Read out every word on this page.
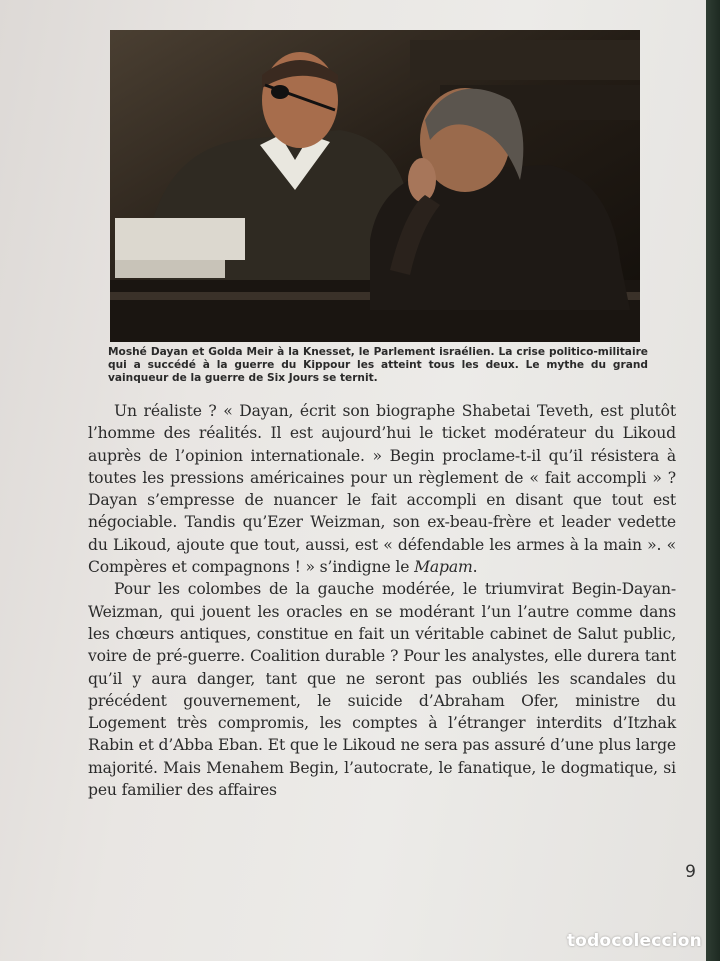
Moshé Dayan et Golda Meir à la Knesset, le Parlement israélien. La crise politico-militaire qui a succédé à la guerre du Kippour les atteint tous les deux. Le mythe du grand vainqueur de la guerre de Six Jours se ternit.

Un réaliste ? « Dayan, écrit son biographe Shabetai Teveth, est plutôt l’homme des réalités. Il est aujourd’hui le ticket modérateur du Likoud auprès de l’opinion internationale. » Begin proclame-t-il qu’il résistera à toutes les pressions américaines pour un règlement de « fait accompli » ? Dayan s’empresse de nuancer le fait accompli en disant que tout est négociable. Tandis qu’Ezer Weizman, son ex-beau-frère et leader vedette du Likoud, ajoute que tout, aussi, est « défendable les armes à la main ». « Compères et compagnons ! » s’indigne le Mapam.

Pour les colombes de la gauche modérée, le triumvirat Begin-Dayan-Weizman, qui jouent les oracles en se modérant l’un l’autre comme dans les chœurs antiques, constitue en fait un véritable cabinet de Salut public, voire de pré-guerre. Coalition durable ? Pour les analystes, elle durera tant qu’il y aura danger, tant que ne seront pas oubliés les scandales du précédent gouvernement, le suicide d’Abraham Ofer, ministre du Logement très compromis, les comptes à l’étranger interdits d’Itzhak Rabin et d’Abba Eban. Et que le Likoud ne sera pas assuré d’une plus large majorité. Mais Menahem Begin, l’autocrate, le fanatique, le dogmatique, si peu familier des affaires

9
todocoleccion
